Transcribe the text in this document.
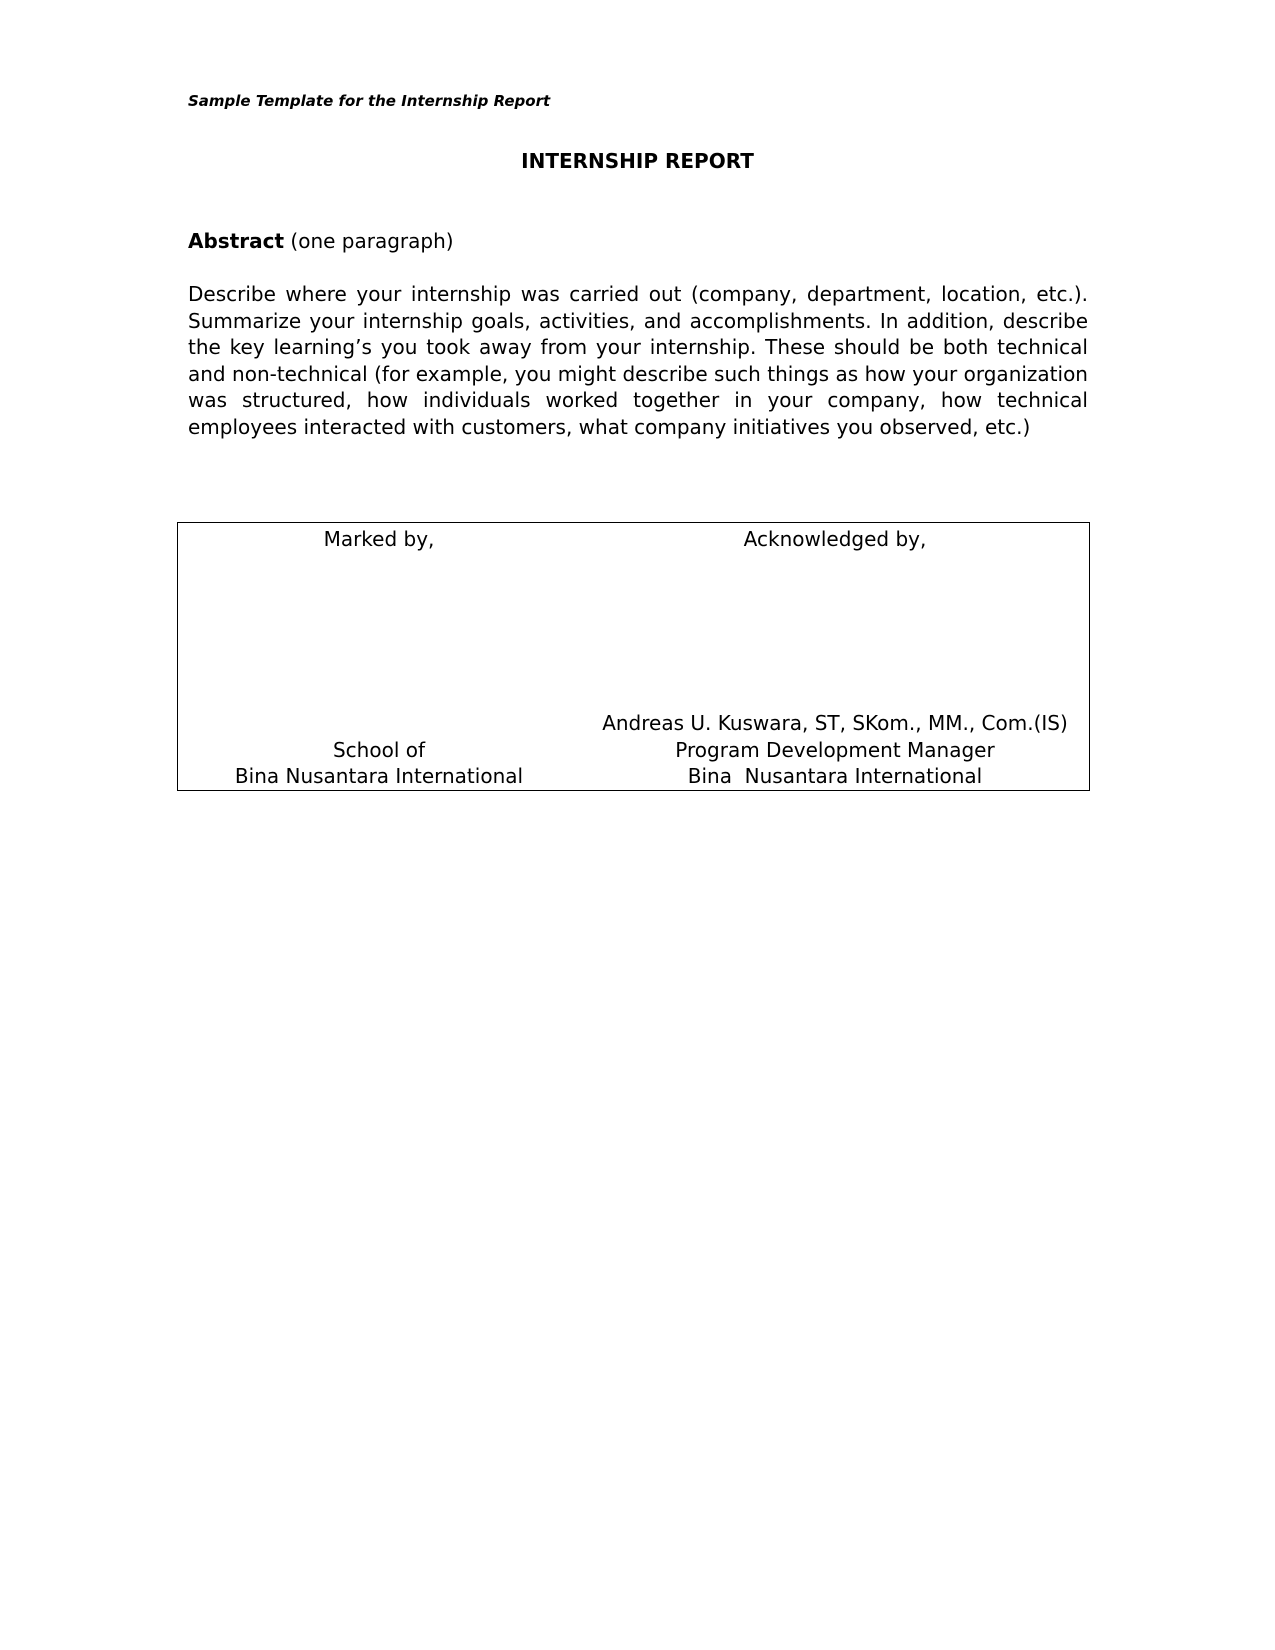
Sample Template for the Internship Report
INTERNSHIP REPORT
Abstract (one paragraph)
Describe where your internship was carried out (company, department, location, etc.). Summarize your internship goals, activities, and accomplishments. In addition, describe the key learning’s you took away from your internship. These should be both technical and non-technical (for example, you might describe such things as how your organization was structured, how individuals worked together in your company, how technical employees interacted with customers, what company initiatives you observed, etc.)
Marked by,
School of
Bina Nusantara International
Acknowledged by,
Andreas U. Kuswara, ST, SKom., MM., Com.(IS)
Program Development Manager
Bina  Nusantara International
